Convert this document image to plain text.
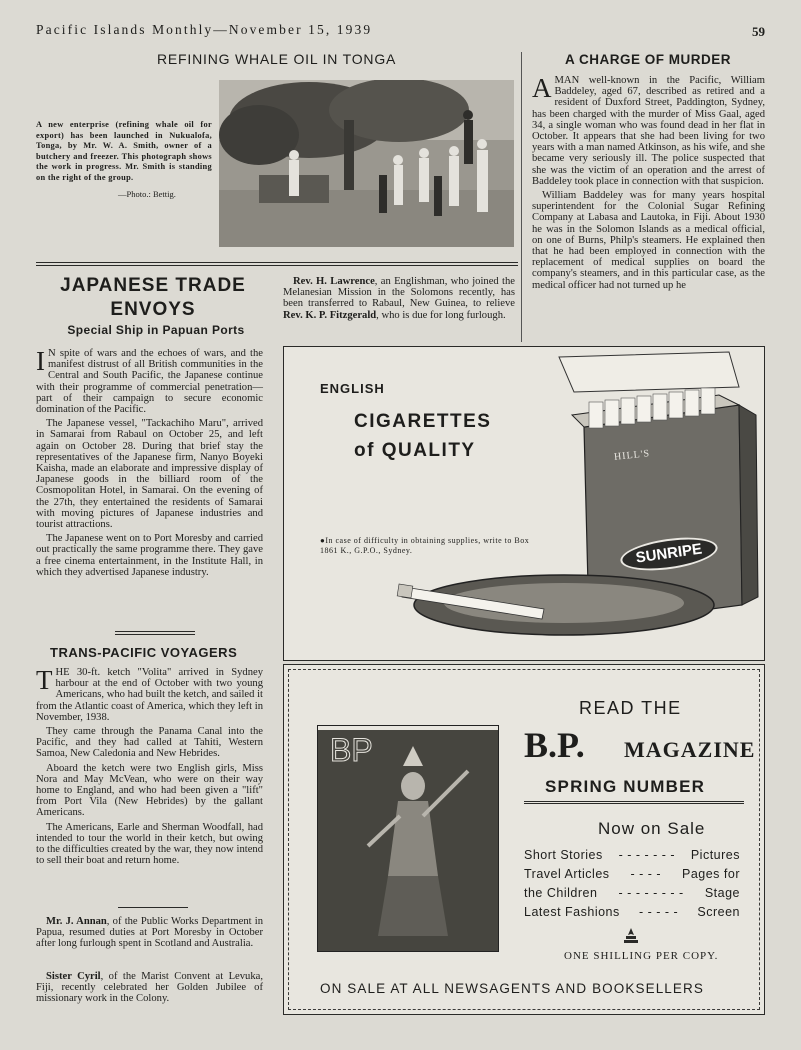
Pacific Islands Monthly—November 15, 1939	59
REFINING WHALE OIL IN TONGA
A new enterprise (refining whale oil for export) has been launched in Nukualofa, Tonga, by Mr. W. A. Smith, owner of a butchery and freezer. This photograph shows the work in progress. Mr. Smith is standing on the right of the group.
—Photo.: Bettig.
A CHARGE OF MURDER
A MAN well-known in the Pacific, William Baddeley, aged 67, described as retired and a resident of Duxford Street, Paddington, Sydney, has been charged with the murder of Miss Gaal, aged 34, a single woman who was found dead in her flat in October. It appears that she had been living for two years with a man named Atkinson, as his wife, and she became very seriously ill. The police suspected that she was the victim of an operation and the arrest of Baddeley took place in connection with that suspicion.

William Baddeley was for many years hospital superintendent for the Colonial Sugar Refining Company at Labasa and Lautoka, in Fiji. About 1930 he was in the Solomon Islands as a medical official, on one of Burns, Philp's steamers. He explained then that he had been employed in connection with the replacement of medical supplies on board the company's steamers, and in this particular case, as the medical officer had not turned up he

Rev. H. Lawrence, an Englishman, who joined the Melanesian Mission in the Solomons recently, has been transferred to Rabaul, New Guinea, to relieve Rev. K. P. Fitzgerald, who is due for long furlough.

JAPANESE TRADE ENVOYS
Special Ship in Papuan Ports
I N spite of wars and the echoes of wars, and the manifest distrust of all British communities in the Central and South Pacific, the Japanese continue with their programme of commercial penetration—part of their campaign to secure economic domination of the Pacific.

The Japanese vessel, "Tackachiho Maru", arrived in Samarai from Rabaul on October 25, and left again on October 28. During that brief stay the representatives of the Japanese firm, Nanyo Boyeki Kaisha, made an elaborate and impressive display of Japanese goods in the billiard room of the Cosmopolitan Hotel, in Samarai. On the evening of the 27th, they entertained the residents of Samarai with moving pictures of Japanese industries and tourist attractions.

The Japanese went on to Port Moresby and carried out practically the same programme there. They gave a free cinema entertainment, in the Institute Hall, in which they advertised Japanese industry.

TRANS-PACIFIC VOYAGERS
T HE 30-ft. ketch "Volita" arrived in Sydney harbour at the end of October with two young Americans, who had built the ketch, and sailed it from the Atlantic coast of America, which they left in November, 1938.

They came through the Panama Canal into the Pacific, and they had called at Tahiti, Western Samoa, New Caledonia and New Hebrides.

Aboard the ketch were two English girls, Miss Nora and May McVean, who were on their way home to England, and who had been given a "lift" from Port Vila (New Hebrides) by the gallant Americans.

The Americans, Earle and Sherman Woodfall, had intended to tour the world in their ketch, but owing to the difficulties created by the war, they now intend to sell their boat and return home.

Mr. J. Annan, of the Public Works Department in Papua, resumed duties at Port Moresby in October after long furlough spent in Scotland and Australia.

Sister Cyril, of the Marist Convent at Levuka, Fiji, recently celebrated her Golden Jubilee of missionary work in the Colony.

ENGLISH
CIGARETTES
of QUALITY
●In case of difficulty in obtaining supplies, write to Box 1861 K., G.P.O., Sydney.
HILL'S
SUNRIPE
BP
READ THE
B.P. MAGAZINE
SPRING NUMBER
Now on Sale
Short Stories - - - - - - - Pictures
Travel Articles - - - - Pages for
the Children - - - - - - - - Stage
Latest Fashions - - - - - Screen
ONE SHILLING PER COPY.
ON SALE AT ALL NEWSAGENTS AND BOOKSELLERS
